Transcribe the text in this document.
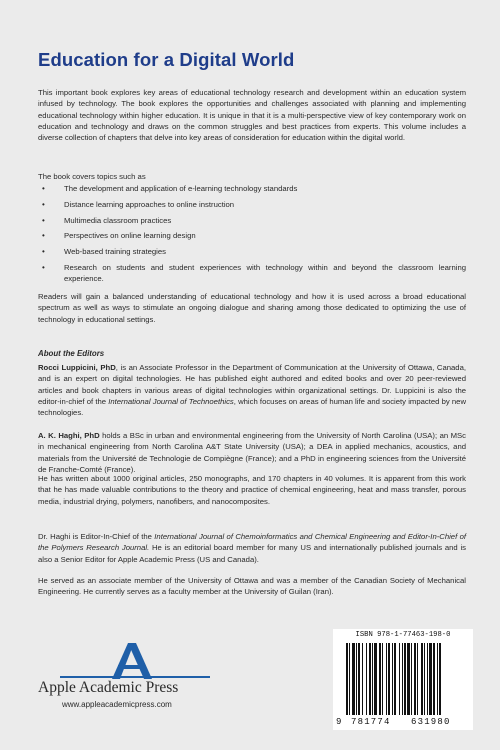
Education for a Digital World

This important book explores key areas of educational technology research and development within an education system infused by technology. The book explores the opportunities and challenges associated with planning and implementing educational technology within higher education. It is unique in that it is a multi-perspective view of key contemporary work on education and technology and draws on the common struggles and best practices from experts. This volume includes a diverse collection of chapters that delve into key areas of consideration for education within the digital world.

The book covers topics such as
• The development and application of e-learning technology standards
• Distance learning approaches to online instruction
• Multimedia classroom practices
• Perspectives on online learning design
• Web-based training strategies
• Research on students and student experiences with technology within and beyond the classroom learning experience.

Readers will gain a balanced understanding of educational technology and how it is used across a broad educational spectrum as well as ways to stimulate an ongoing dialogue and sharing among those dedicated to optimizing the use of technology in educational settings.

About the Editors

Rocci Luppicini, PhD, is an Associate Professor in the Department of Communication at the University of Ottawa, Canada, and is an expert on digital technologies. He has published eight authored and edited books and over 20 peer-reviewed articles and book chapters in various areas of digital technologies within organizational settings. Dr. Luppicini is also the editor-in-chief of the International Journal of Technoethics, which focuses on areas of human life and society impacted by new technologies.

A. K. Haghi, PhD holds a BSc in urban and environmental engineering from the University of North Carolina (USA); an MSc in mechanical engineering from North Carolina A&T State University (USA); a DEA in applied mechanics, acoustics, and materials from the Université de Technologie de Compiègne (France); and a PhD in engineering sciences from the Université de Franche-Comté (France).

He has written about 1000 original articles, 250 monographs, and 170 chapters in 40 volumes. It is apparent from this work that he has made valuable contributions to the theory and practice of chemical engineering, heat and mass transfer, porous media, industrial drying, polymers, nanofibers, and nanocomposites.

Dr. Haghi is Editor-In-Chief of the International Journal of Chemoinformatics and Chemical Engineering and Editor-In-Chief of the Polymers Research Journal. He is an editorial board member for many US and internationally published journals and is also a Senior Editor for Apple Academic Press (US and Canada).

He served as an associate member of the University of Ottawa and was a member of the Canadian Society of Mechanical Engineering. He currently serves as a faculty member at the University of Guilan (Iran).

Apple Academic Press
www.appleacademicpress.com
ISBN 978-1-77463-198-0
9 781774 631980
